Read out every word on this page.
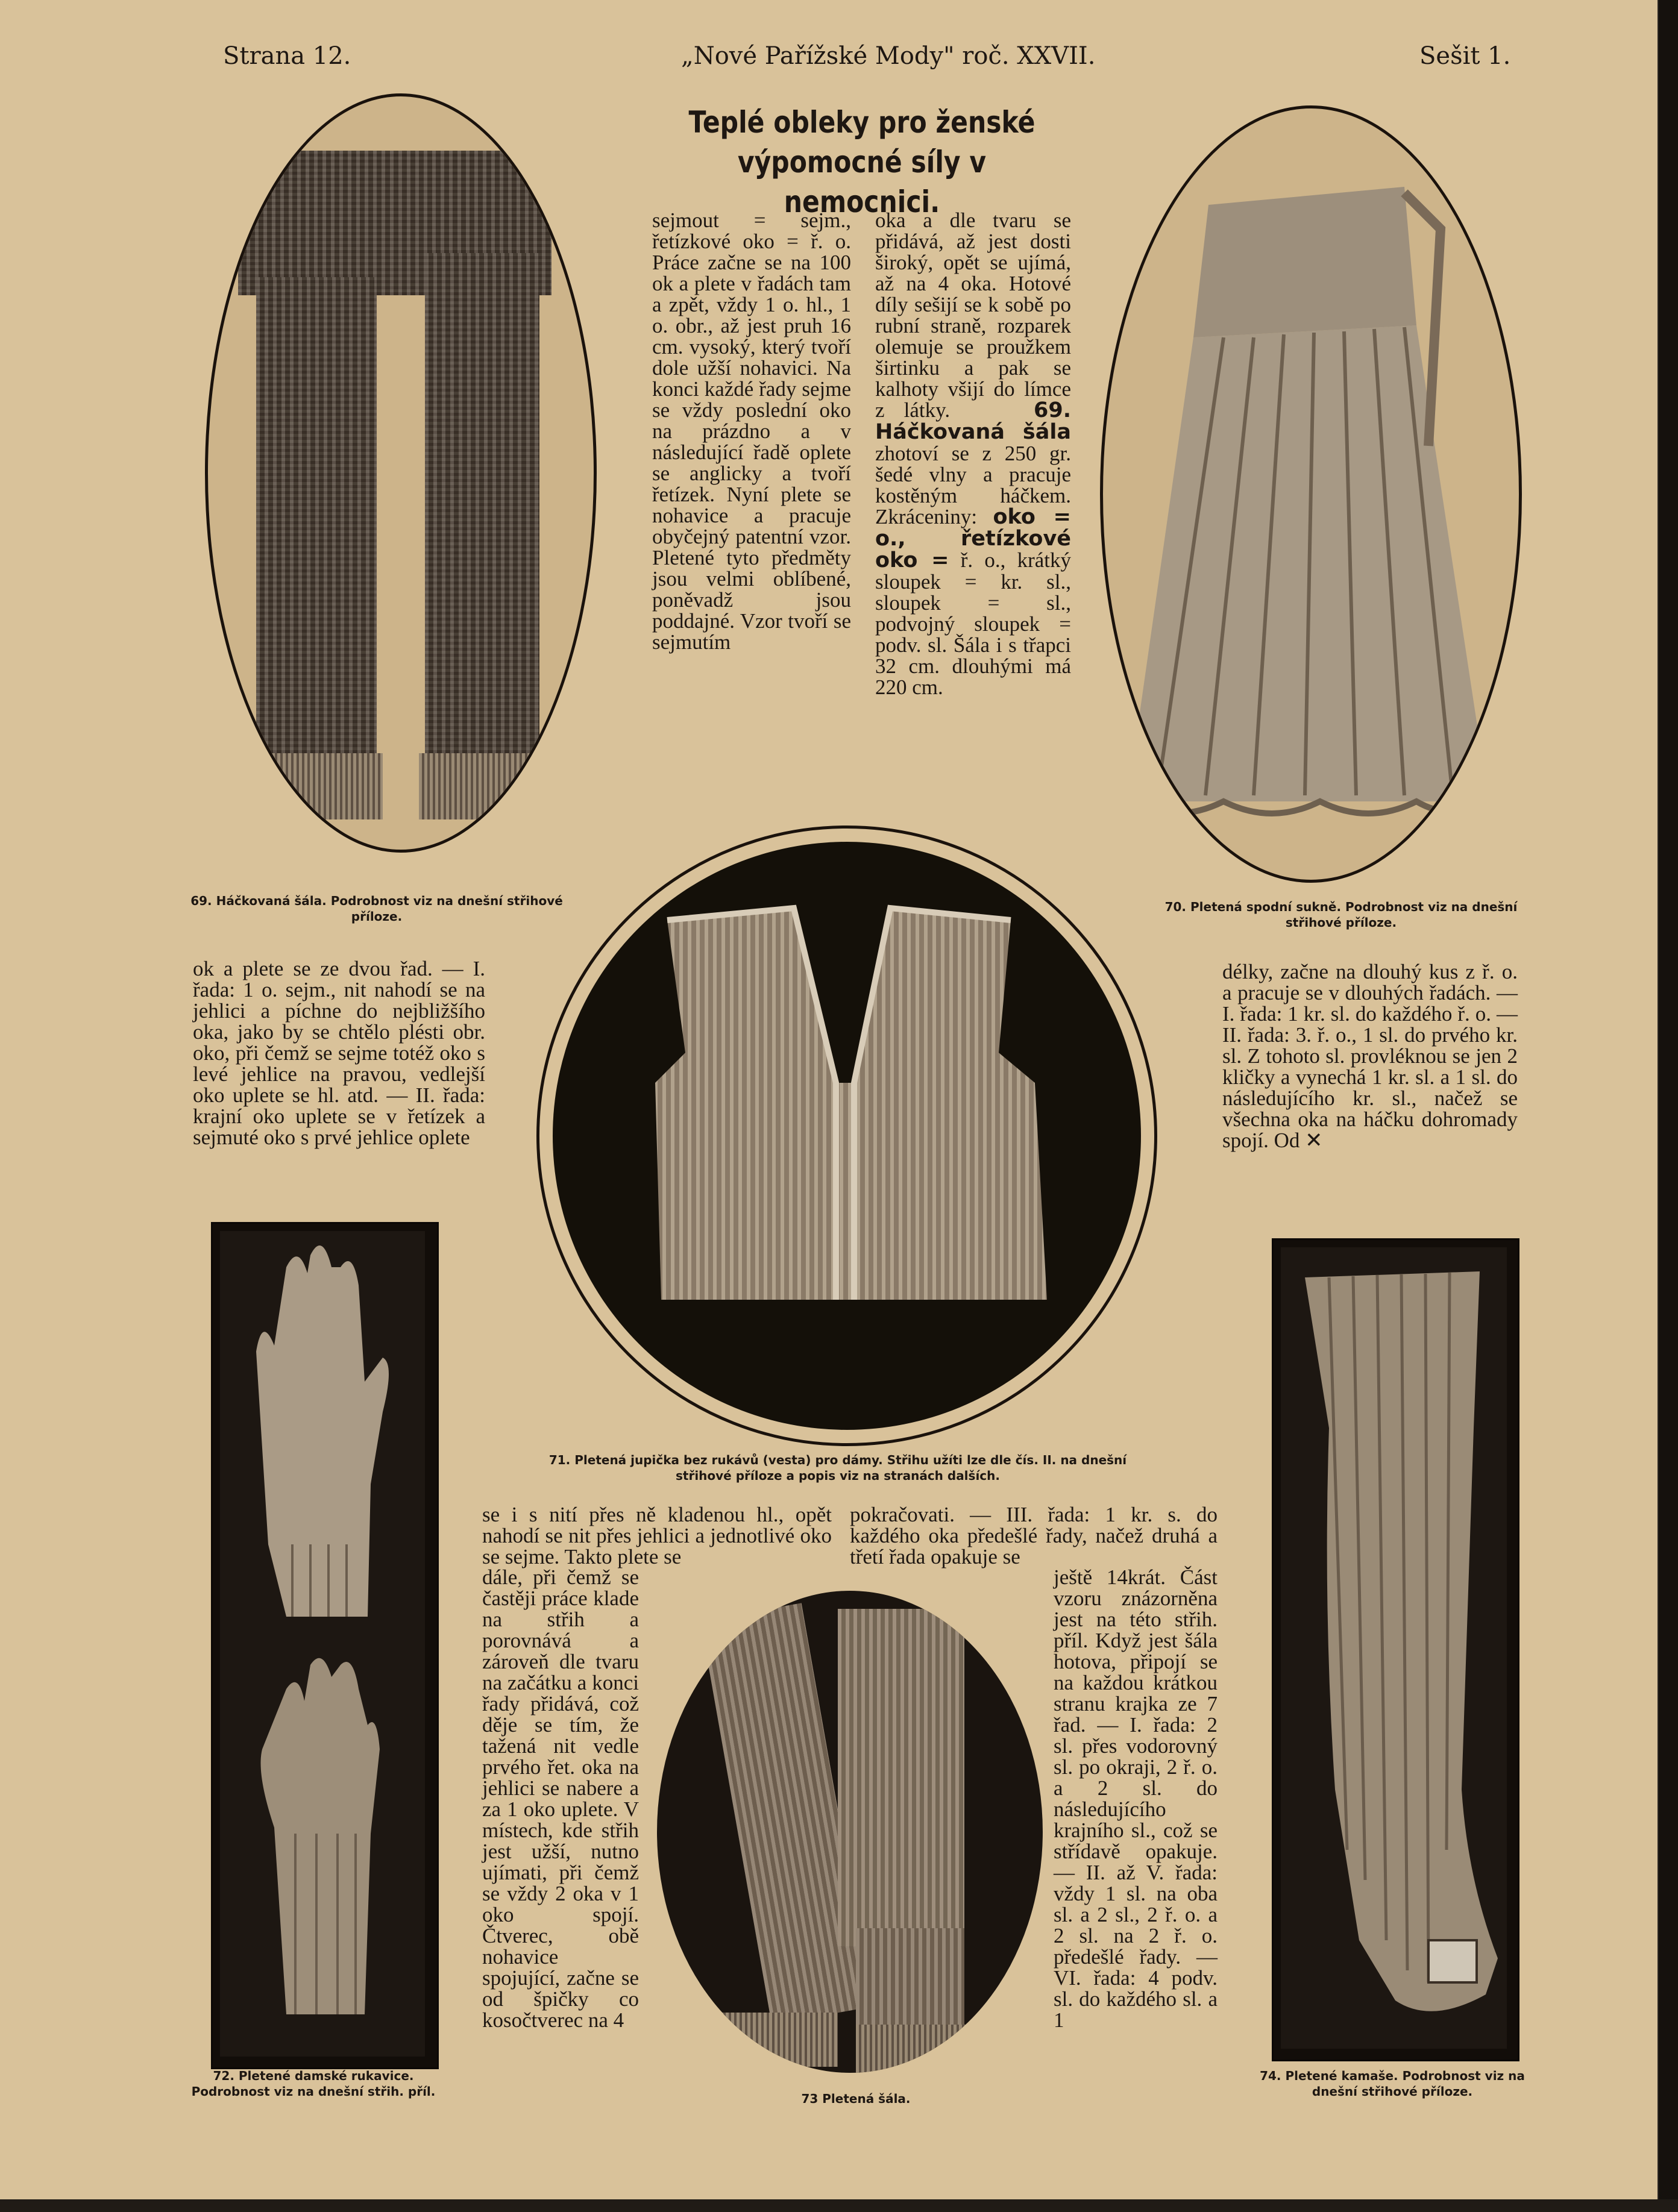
Strana 12.	„Nové Pařížské Mody" roč. XXVII.	Sešit 1.
Teplé obleky pro ženské výpomocné síly v nemocnici.
sejmout = sejm., řetízkové oko = ř. o. Práce začne se na 100 ok a plete v řadách tam a zpět, vždy 1 o. hl., 1 o. obr., až jest pruh 16 cm. vysoký, který tvoří dole užší nohavici. Na konci každé řady sejme se vždy poslední oko na prázdno a v následující řadě oplete se anglicky a tvoří řetízek. Nyní plete se nohavice a pracuje obyčejný patentní vzor. Pletené tyto předměty jsou velmi oblíbené, poněvadž jsou poddajné. Vzor tvoří se sejmutím
oka a dle tvaru se přidává, až jest dosti široký, opět se ujímá, až na 4 oka. Hotové díly sešijí se k sobě po rubní straně, rozparek olemuje se proužkem širtinku a pak se kalhoty všijí do límce z látky.	69. Háčkovaná šála zhotoví se z 250 gr. šedé vlny a pracuje kostěným háčkem. Zkráceniny: oko = o., řetízkové oko = ř. o., krátký sloupek = kr. sl., sloupek = sl., podvojný sloupek = podv. sl. Šála i s třapci 32 cm. dlouhými má 220 cm.
69. Háčkovaná šála. Podrobnost viz na dnešní střihové příloze.
70. Pletená spodní sukně. Podrobnost viz na dnešní střihové příloze.
ok a plete se ze dvou řad. — I. řada: 1 o. sejm., nit nahodí se na jehlici a píchne do nejbližšího oka, jako by se chtělo plésti obr. oko, při čemž se sejme totéž oko s levé jehlice na pravou, vedlejší oko uplete se hl. atd. — II. řada: krajní oko uplete se v řetízek a sejmuté oko s prvé jehlice oplete
délky, začne na dlouhý kus z ř. o. a pracuje se v dlouhých řadách. — I. řada: 1 kr. sl. do každého ř. o. — II. řada: 3. ř. o., 1 sl. do prvého kr. sl. Z tohoto sl. provléknou se jen 2 kličky a vynechá 1 kr. sl. a 1 sl. do následujícího kr. sl., načež se všechna oka na háčku dohromady spojí. Od ✕
71. Pletená jupička bez rukávů (vesta) pro dámy. Střihu užíti lze dle čís. II. na dnešní střihové příloze a popis viz na stranách dalších.
72. Pletené damské rukavice. Podrobnost viz na dnešní střih. příl.
se i s nití přes ně kladenou hl., opět nahodí se nit přes jehlici a jednotlivé oko se sejme. Takto plete se
dále, při čemž se častěji práce klade na střih a porovnává a zároveň dle tvaru na začátku a konci řady přidává, což děje se tím, že tažená nit vedle prvého řet. oka na jehlici se nabere a za 1 oko uplete. V místech, kde střih jest užší, nutno ujímati, při čemž se vždy 2 oka v 1 oko spojí. Čtverec, obě nohavice spojující, začne se od špičky co kosočtverec na 4
pokračovati. — III. řada: 1 kr. s. do každého oka předešlé řady, načež druhá a třetí řada opakuje se
ještě 14krát. Část vzoru znázorněna jest na této střih. příl. Když jest šála hotova, připojí se na každou krátkou stranu krajka ze 7 řad. — I. řada: 2 sl. přes vodorovný sl. po okraji, 2 ř. o. a 2 sl. do následujícího krajního sl., což se střídavě opakuje. — II. až V. řada: vždy 1 sl. na oba sl. a 2 sl., 2 ř. o. a 2 sl. na 2 ř. o. předešlé řady. — VI. řada: 4 podv. sl. do každého sl. a 1
73 Pletená šála.
74. Pletené kamaše. Podrobnost viz na dnešní střihové příloze.
